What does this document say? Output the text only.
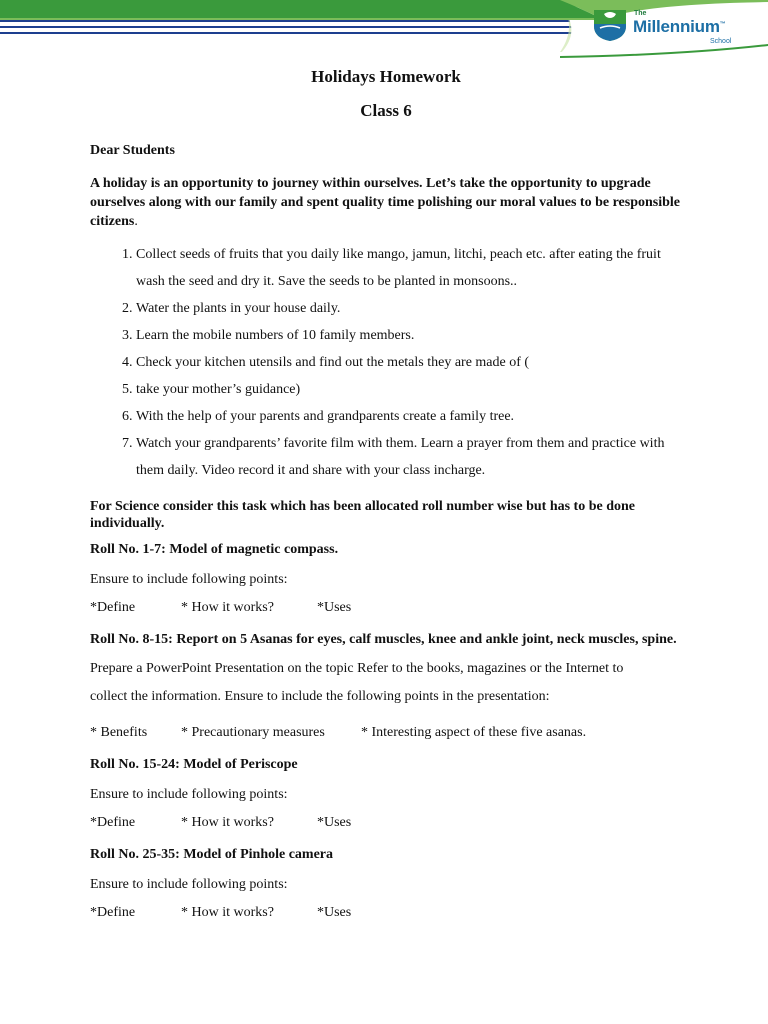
The
Millennium™
School
Holidays Homework
Class 6
Dear Students
A holiday is an opportunity to journey within ourselves. Let’s take the opportunity to upgrade ourselves along with our family and spent quality time polishing our moral values to be responsible citizens.
1. Collect seeds of fruits that you daily like mango, jamun, litchi, peach etc. after eating the fruit wash the seed and dry it. Save the seeds to be planted in monsoons..
2. Water the plants in your house daily.
3. Learn the mobile numbers of 10 family members.
4. Check your kitchen utensils and find out the metals they are made of (
5. take your mother’s guidance)
6. With the help of your parents and grandparents create a family tree.
7. Watch your grandparents’ favorite film with them. Learn a prayer from them and practice with them daily. Video record it and share with your class incharge.
For Science consider this task which has been allocated roll number wise but has to be done individually.
Roll No. 1-7: Model of magnetic compass.
Ensure to include following points:
*Define	* How it works?	*Uses
Roll No. 8-15: Report on 5 Asanas for eyes, calf muscles, knee and ankle joint, neck muscles, spine.
Prepare a PowerPoint Presentation on the topic Refer to the books, magazines or the Internet to
collect the information. Ensure to include the following points in the presentation:
* Benefits	* Precautionary measures	* Interesting aspect of these five asanas.
Roll No. 15-24: Model of Periscope
Ensure to include following points:
*Define	* How it works?	*Uses
Roll No. 25-35: Model of Pinhole camera
Ensure to include following points:
*Define	* How it works?	*Uses
